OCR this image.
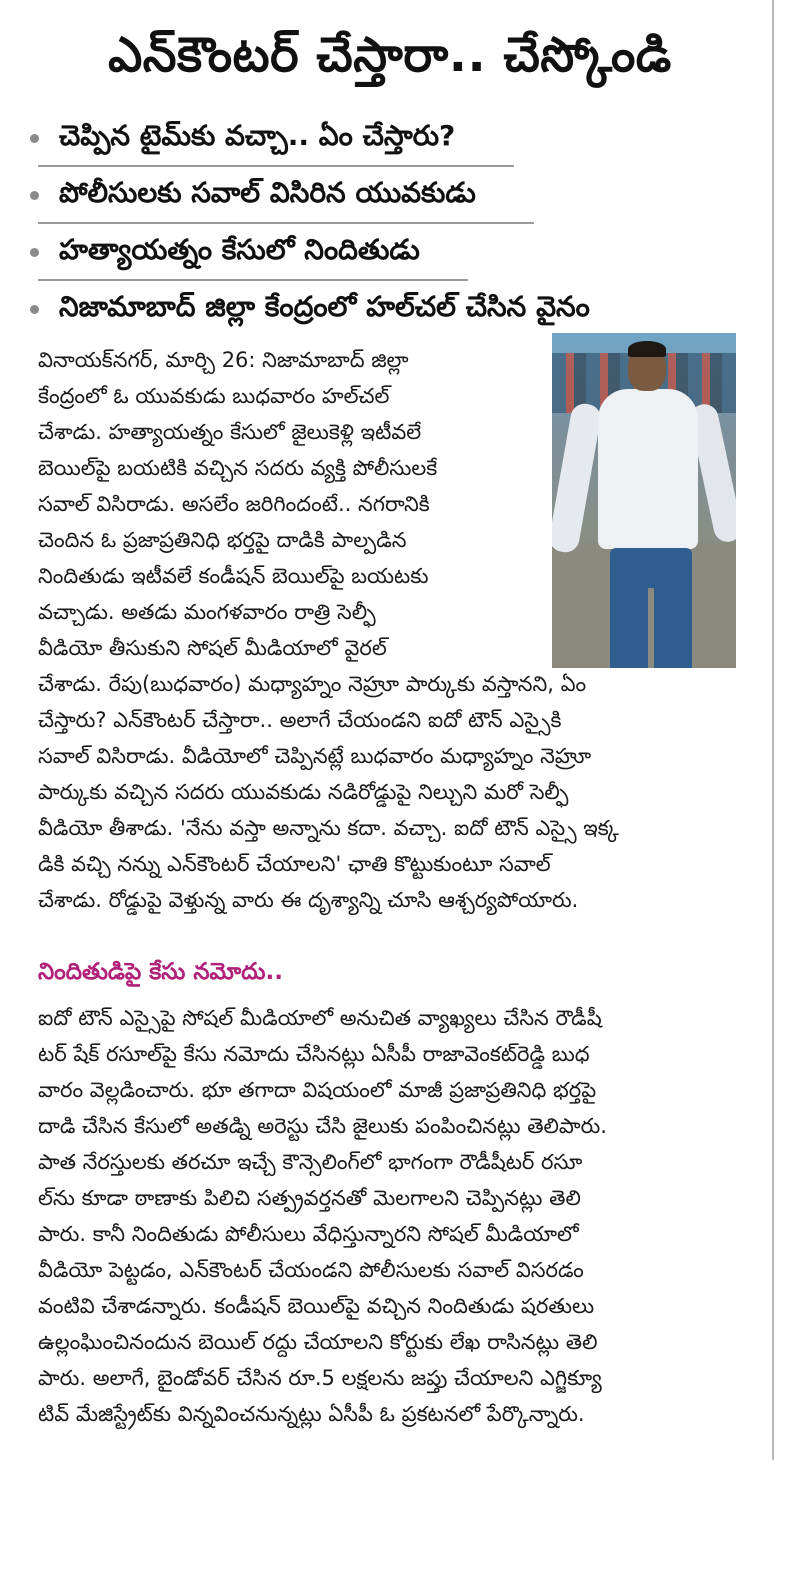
ఎన్‌కౌంటర్ చేస్తారా.. చేస్కోండి
చెప్పిన టైమ్‌కు వచ్చా.. ఏం చేస్తారు?
పోలీసులకు సవాల్ విసిరిన యువకుడు
హత్యాయత్నం కేసులో నిందితుడు
నిజామాబాద్ జిల్లా కేంద్రంలో హల్‌చల్ చేసిన వైనం
వినాయక్‌నగర్, మార్చి 26: నిజామాబాద్ జిల్లా
కేంద్రంలో ఓ యువకుడు బుధవారం హల్‌చల్
చేశాడు. హత్యాయత్నం కేసులో జైలుకెళ్లి ఇటీవలే
బెయిల్‌పై బయటికి వచ్చిన సదరు వ్యక్తి పోలీసులకే
సవాల్ విసిరాడు. అసలేం జరిగిందంటే.. నగరానికి
చెందిన ఓ ప్రజాప్రతినిధి భర్తపై దాడికి పాల్పడిన
నిందితుడు ఇటీవలే కండీషన్ బెయిల్‌పై బయటకు
వచ్చాడు. అతడు మంగళవారం రాత్రి సెల్ఫీ
వీడియో తీసుకుని సోషల్ మీడియాలో వైరల్
చేశాడు. రేపు(బుధవారం) మధ్యాహ్నం నెహ్రూ పార్కుకు వస్తానని, ఏం
చేస్తారు? ఎన్‌కౌంటర్ చేస్తారా.. అలాగే చేయండని ఐదో టౌన్ ఎస్సైకి
సవాల్ విసిరాడు. వీడియోలో చెప్పినట్లే బుధవారం మధ్యాహ్నం నెహ్రూ
పార్కుకు వచ్చిన సదరు యువకుడు నడిరోడ్డుపై నిల్చుని మరో సెల్ఫీ
వీడియో తీశాడు. 'నేను వస్తా అన్నాను కదా. వచ్చా. ఐదో టౌన్ ఎస్సై ఇక్క
డికి వచ్చి నన్ను ఎన్‌కౌంటర్ చేయాలని' ఛాతి కొట్టుకుంటూ సవాల్
చేశాడు. రోడ్డుపై వెళ్తున్న వారు ఈ దృశ్యాన్ని చూసి ఆశ్చర్యపోయారు.
నిందితుడిపై కేసు నమోదు..
ఐదో టౌన్ ఎస్సైపై సోషల్ మీడియాలో అనుచిత వ్యాఖ్యలు చేసిన రౌడీషీ
టర్ షేక్ రసూల్‌పై కేసు నమోదు చేసినట్లు ఏసీపీ రాజావెంకట్‌రెడ్డి బుధ
వారం వెల్లడించారు. భూ తగాదా విషయంలో మాజీ ప్రజాప్రతినిధి భర్తపై
దాడి చేసిన కేసులో అతడ్ని అరెస్టు చేసి జైలుకు పంపించినట్లు తెలిపారు.
పాత నేరస్తులకు తరచూ ఇచ్చే కౌన్సెలింగ్‌లో భాగంగా రౌడీషీటర్ రసూ
ల్‌ను కూడా ఠాణాకు పిలిచి సత్ప్రవర్తనతో మెలగాలని చెప్పినట్లు తెలి
పారు. కానీ నిందితుడు పోలీసులు వేధిస్తున్నారని సోషల్ మీడియాలో
వీడియో పెట్టడం, ఎన్‌కౌంటర్ చేయండని పోలీసులకు సవాల్ విసరడం
వంటివి చేశాడన్నారు. కండీషన్ బెయిల్‌పై వచ్చిన నిందితుడు షరతులు
ఉల్లంఘించినందున బెయిల్ రద్దు చేయాలని కోర్టుకు లేఖ రాసినట్లు తెలి
పారు. అలాగే, బైండోవర్ చేసిన రూ.5 లక్షలను జప్తు చేయాలని ఎగ్జిక్యూ
టివ్ మేజిస్ట్రేట్‌కు విన్నవించనున్నట్లు ఏసీపీ ఓ ప్రకటనలో పేర్కొన్నారు.
